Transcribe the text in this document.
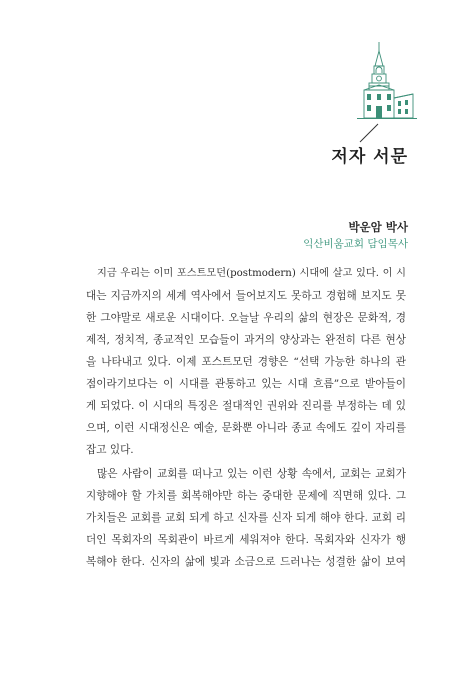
저자 서문
박운암 박사
익산비움교회 담임목사
지금 우리는 이미 포스트모던(postmodern) 시대에 살고 있다. 이 시
대는 지금까지의 세계 역사에서 들어보지도 못하고 경험해 보지도 못
한 그야말로 새로운 시대이다. 오늘날 우리의 삶의 현장은 문화적, 경
제적, 정치적, 종교적인 모습들이 과거의 양상과는 완전히 다른 현상
을 나타내고 있다. 이제 포스트모던 경향은 “선택 가능한 하나의 관
점이라기보다는 이 시대를 관통하고 있는 시대 흐름”으로 받아들이
게 되었다. 이 시대의 특징은 절대적인 권위와 진리를 부정하는 데 있
으며, 이런 시대정신은 예술, 문화뿐 아니라 종교 속에도 깊이 자리를
잡고 있다.
많은 사람이 교회를 떠나고 있는 이런 상황 속에서, 교회는 교회가
지향해야 할 가치를 회복해야만 하는 중대한 문제에 직면해 있다. 그
가치들은 교회를 교회 되게 하고 신자를 신자 되게 해야 한다. 교회 리
더인 목회자의 목회관이 바르게 세워져야 한다. 목회자와 신자가 행
복해야 한다. 신자의 삶에 빛과 소금으로 드러나는 성결한 삶이 보여
